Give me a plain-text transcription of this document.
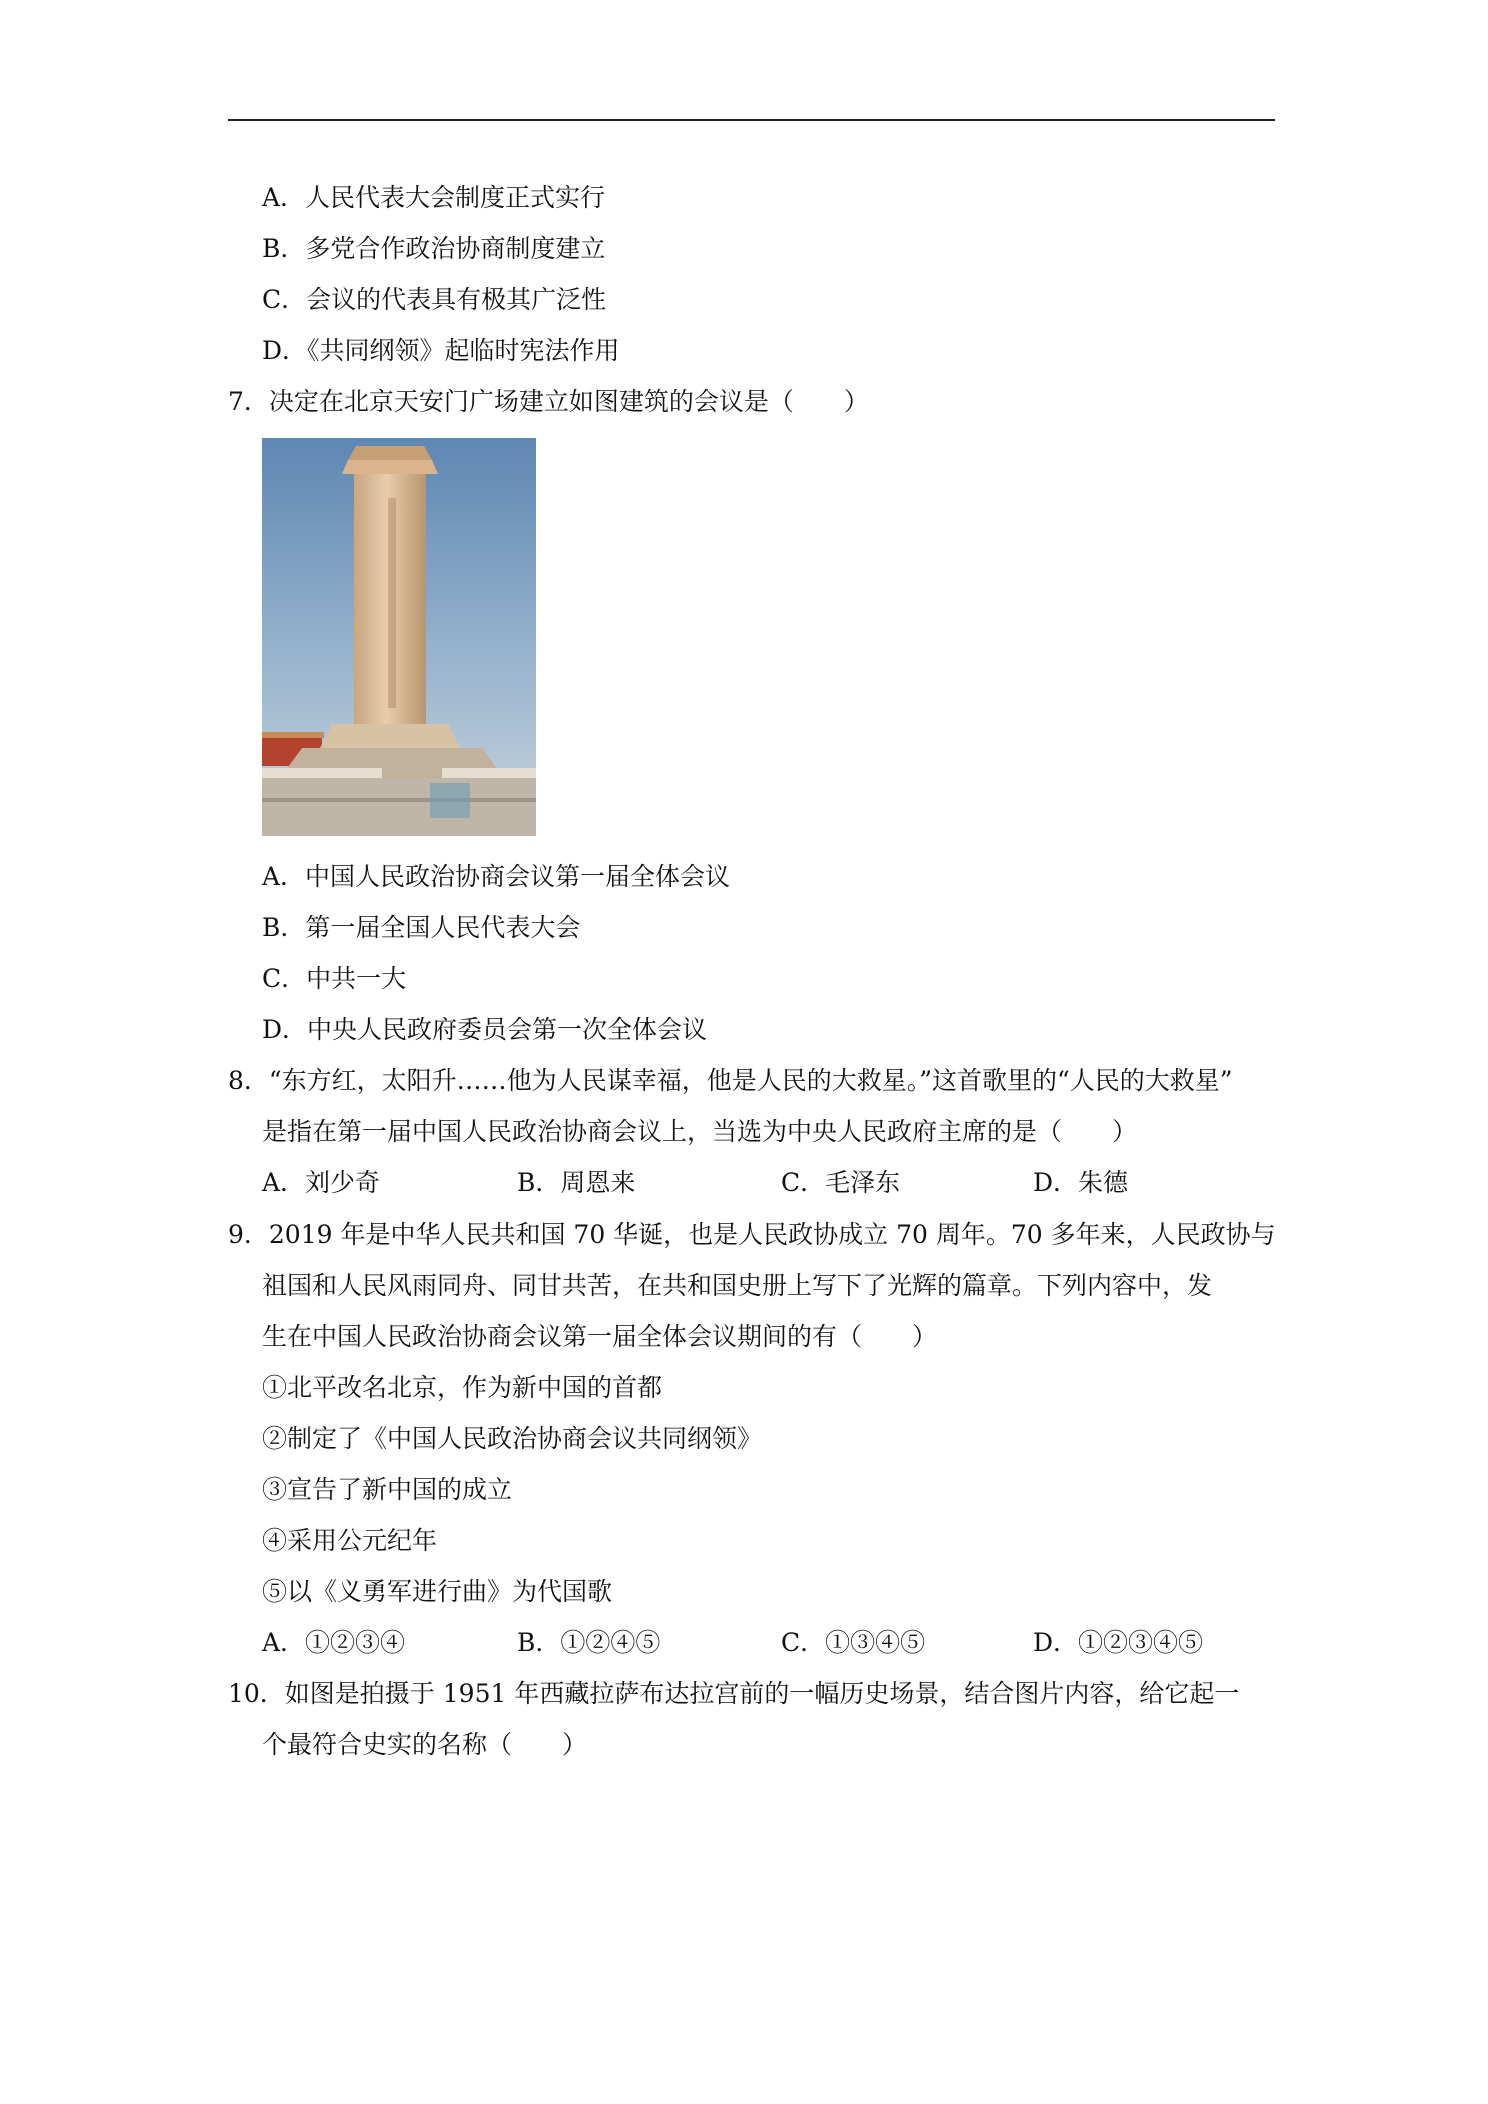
A．人民代表大会制度正式实行
B．多党合作政治协商制度建立
C．会议的代表具有极其广泛性
D．《共同纲领》起临时宪法作用
7．决定在北京天安门广场建立如图建筑的会议是（　　）
A．中国人民政治协商会议第一届全体会议
B．第一届全国人民代表大会
C．中共一大
D．中央人民政府委员会第一次全体会议
8．“东方红，太阳升……他为人民谋幸福，他是人民的大救星。”这首歌里的“人民的大救星”
是指在第一届中国人民政治协商会议上，当选为中央人民政府主席的是（　　）
A．刘少奇	B．周恩来	C．毛泽东	D．朱德
9．2019 年是中华人民共和国 70 华诞，也是人民政协成立 70 周年。70 多年来，人民政协与
祖国和人民风雨同舟、同甘共苦，在共和国史册上写下了光辉的篇章。下列内容中，发
生在中国人民政治协商会议第一届全体会议期间的有（　　）
①北平改名北京，作为新中国的首都
②制定了《中国人民政治协商会议共同纲领》
③宣告了新中国的成立
④采用公元纪年
⑤以《义勇军进行曲》为代国歌
A．①②③④	B．①②④⑤	C．①③④⑤	D．①②③④⑤
10．如图是拍摄于 1951 年西藏拉萨布达拉宫前的一幅历史场景，结合图片内容，给它起一
个最符合史实的名称（　　）
